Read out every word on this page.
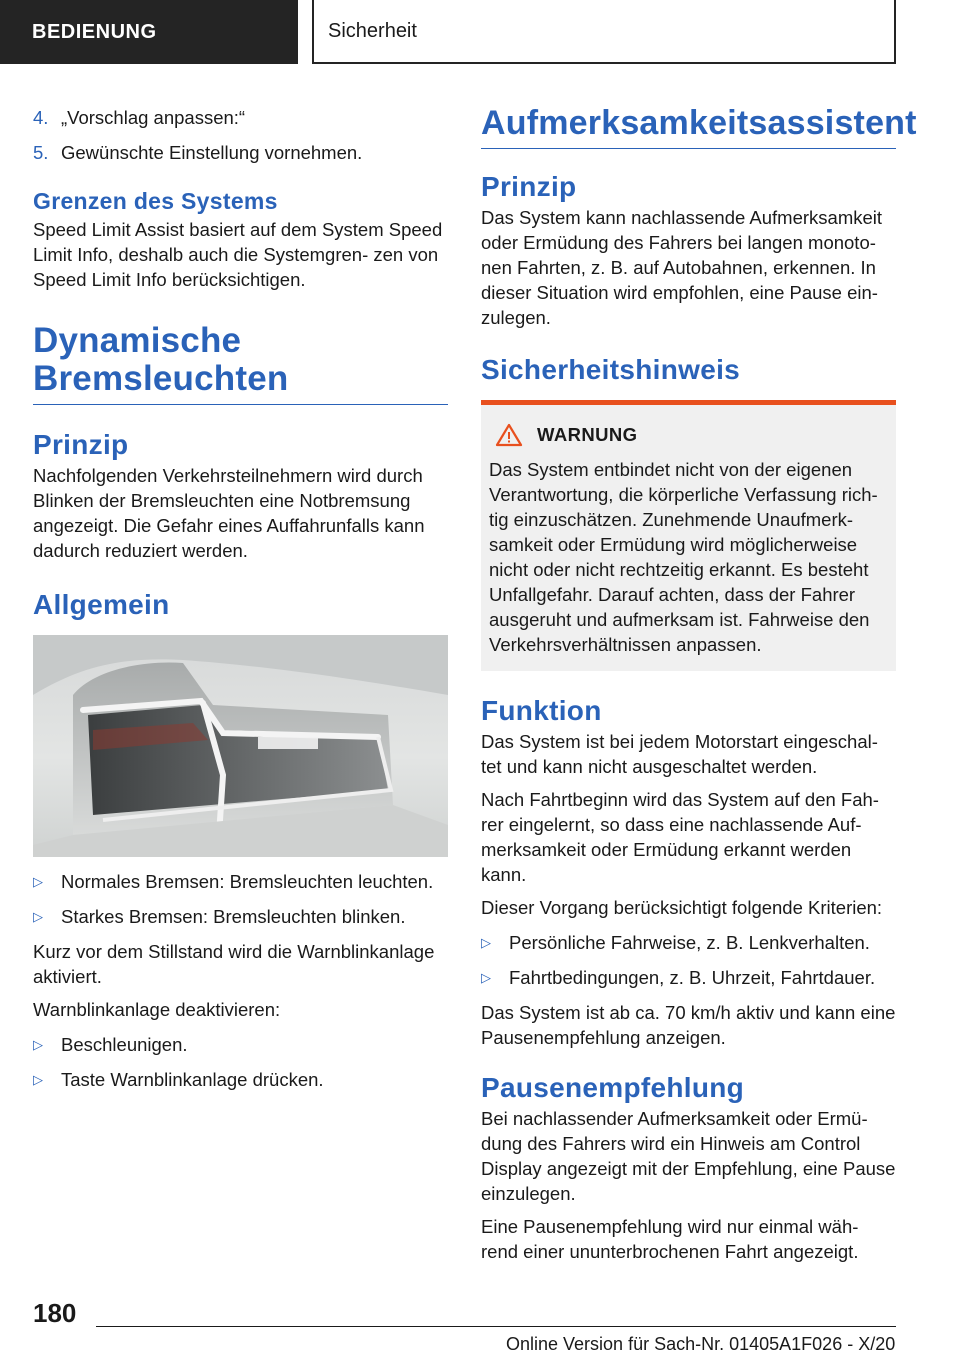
BEDIENUNG	Sicherheit
4. „Vorschlag anpassen:“
5. Gewünschte Einstellung vornehmen.
Grenzen des Systems

Speed Limit Assist basiert auf dem System Speed Limit Info, deshalb auch die Systemgren- zen von Speed Limit Info berücksichtigen.

Dynamische
Bremsleuchten
Prinzip

Nachfolgenden Verkehrsteilnehmern wird durch Blinken der Bremsleuchten eine Notbremsung angezeigt. Die Gefahr eines Auffahrunfalls kann dadurch reduziert werden.

Allgemein
▷ Normales Bremsen: Bremsleuchten leuchten.
▷ Starkes Bremsen: Bremsleuchten blinken.

Kurz vor dem Stillstand wird die Warnblinkanlage aktiviert.

Warnblinkanlage deaktivieren:

▷ Beschleunigen.
▷ Taste Warnblinkanlage drücken.
Aufmerksamkeitsassistent
Prinzip

Das System kann nachlassende Aufmerksamkeit oder Ermüdung des Fahrers bei langen monoto- nen Fahrten, z. B. auf Autobahnen, erkennen. In dieser Situation wird empfohlen, eine Pause ein- zulegen.

Sicherheitshinweis
WARNUNG

Das System entbindet nicht von der eigenen Verantwortung, die körperliche Verfassung rich- tig einzuschätzen. Zunehmende Unaufmerk- samkeit oder Ermüdung wird möglicherweise nicht oder nicht rechtzeitig erkannt. Es besteht Unfallgefahr. Darauf achten, dass der Fahrer ausgeruht und aufmerksam ist. Fahrweise den Verkehrsverhältnissen anpassen.

Funktion

Das System ist bei jedem Motorstart eingeschal- tet und kann nicht ausgeschaltet werden.

Nach Fahrtbeginn wird das System auf den Fah- rer eingelernt, so dass eine nachlassende Auf- merksamkeit oder Ermüdung erkannt werden kann.

Dieser Vorgang berücksichtigt folgende Kriterien:

▷ Persönliche Fahrweise, z. B. Lenkverhalten.
▷ Fahrtbedingungen, z. B. Uhrzeit, Fahrtdauer.

Das System ist ab ca. 70 km/h aktiv und kann eine Pausenempfehlung anzeigen.

Pausenempfehlung

Bei nachlassender Aufmerksamkeit oder Ermü- dung des Fahrers wird ein Hinweis am Control Display angezeigt mit der Empfehlung, eine Pause einzulegen.

Eine Pausenempfehlung wird nur einmal wäh- rend einer ununterbrochenen Fahrt angezeigt.

180
Online Version für Sach-Nr. 01405A1F026 - X/20
